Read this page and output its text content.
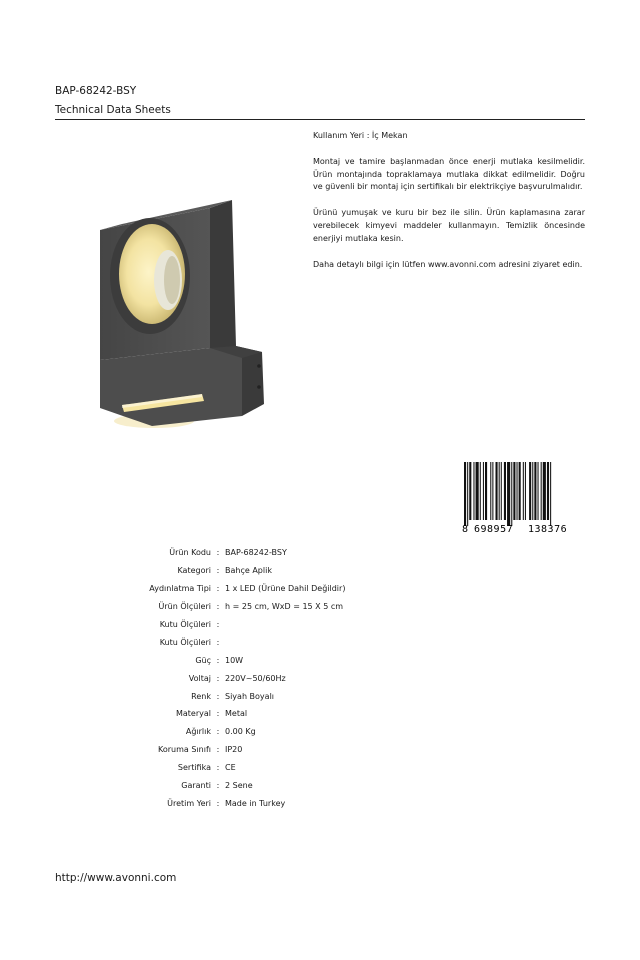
BAP-68242-BSY
Technical Data Sheets

Kullanım Yeri : İç Mekan

Montaj ve tamire başlanmadan önce enerji mutlaka kesilmelidir. Ürün montajında topraklamaya mutlaka dikkat edilmelidir. Doğru ve güvenli bir montaj için sertifikalı bir elektrikçiye başvurulmalıdır.

Ürünü yumuşak ve kuru bir bez ile silin. Ürün kaplamasına zarar verebilecek kimyevi maddeler kullanmayın. Temizlik öncesinde enerjiyi mutlaka kesin.

Daha detaylı bilgi için lütfen www.avonni.com adresini ziyaret edin.

8 698957 138376
Ürün Kodu : BAP-68242-BSY
Kategori : Bahçe Aplik
Aydınlatma Tipi : 1 x LED (Ürüne Dahil Değildir)
Ürün Ölçüleri : h = 25 cm, WxD = 15 X 5 cm
Kutu Ölçüleri :
Kutu Ölçüleri :
Güç : 10W
Voltaj : 220V~50/60Hz
Renk : Siyah Boyalı
Materyal : Metal
Ağırlık : 0.00 Kg
Koruma Sınıfı : IP20
Sertifika : CE
Garanti : 2 Sene
Üretim Yeri : Made in Turkey
http://www.avonni.com
